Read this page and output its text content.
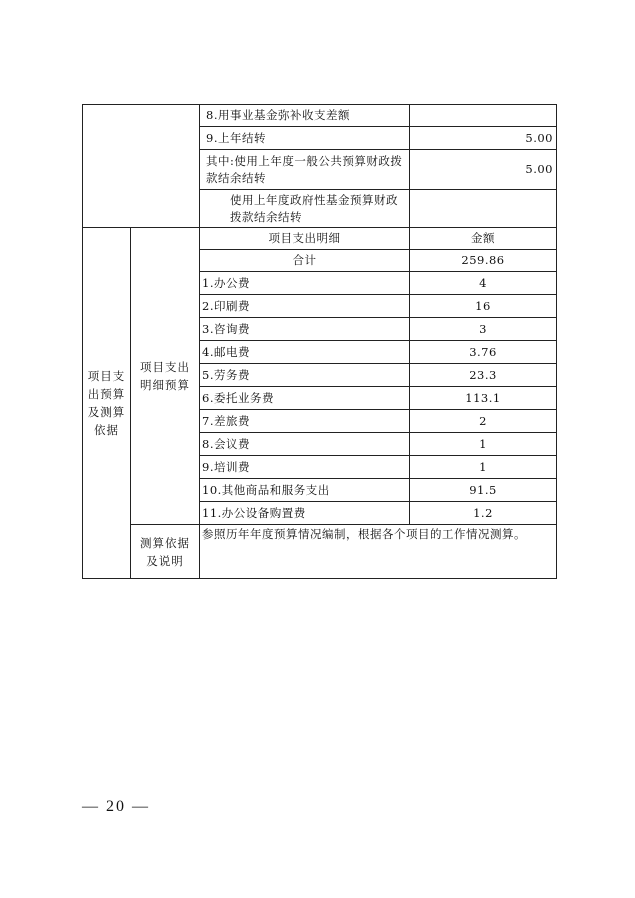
		8.用事业基金弥补收支差额	
		9.上年结转	5.00
		其中:使用上年度一般公共预算财政拨款结余结转	5.00
		使用上年度政府性基金预算财政拨款结余结转	
项目支出预算及测算依据	项目支出明细预算	项目支出明细	金额
		合计	259.86
		1.办公费	4
		2.印刷费	16
		3.咨询费	3
		4.邮电费	3.76
		5.劳务费	23.3
		6.委托业务费	113.1
		7.差旅费	2
		8.会议费	1
		9.培训费	1
		10.其他商品和服务支出	91.5
		11.办公设备购置费	1.2
	测算依据及说明	参照历年年度预算情况编制，根据各个项目的工作情况测算。	
— 20 —
